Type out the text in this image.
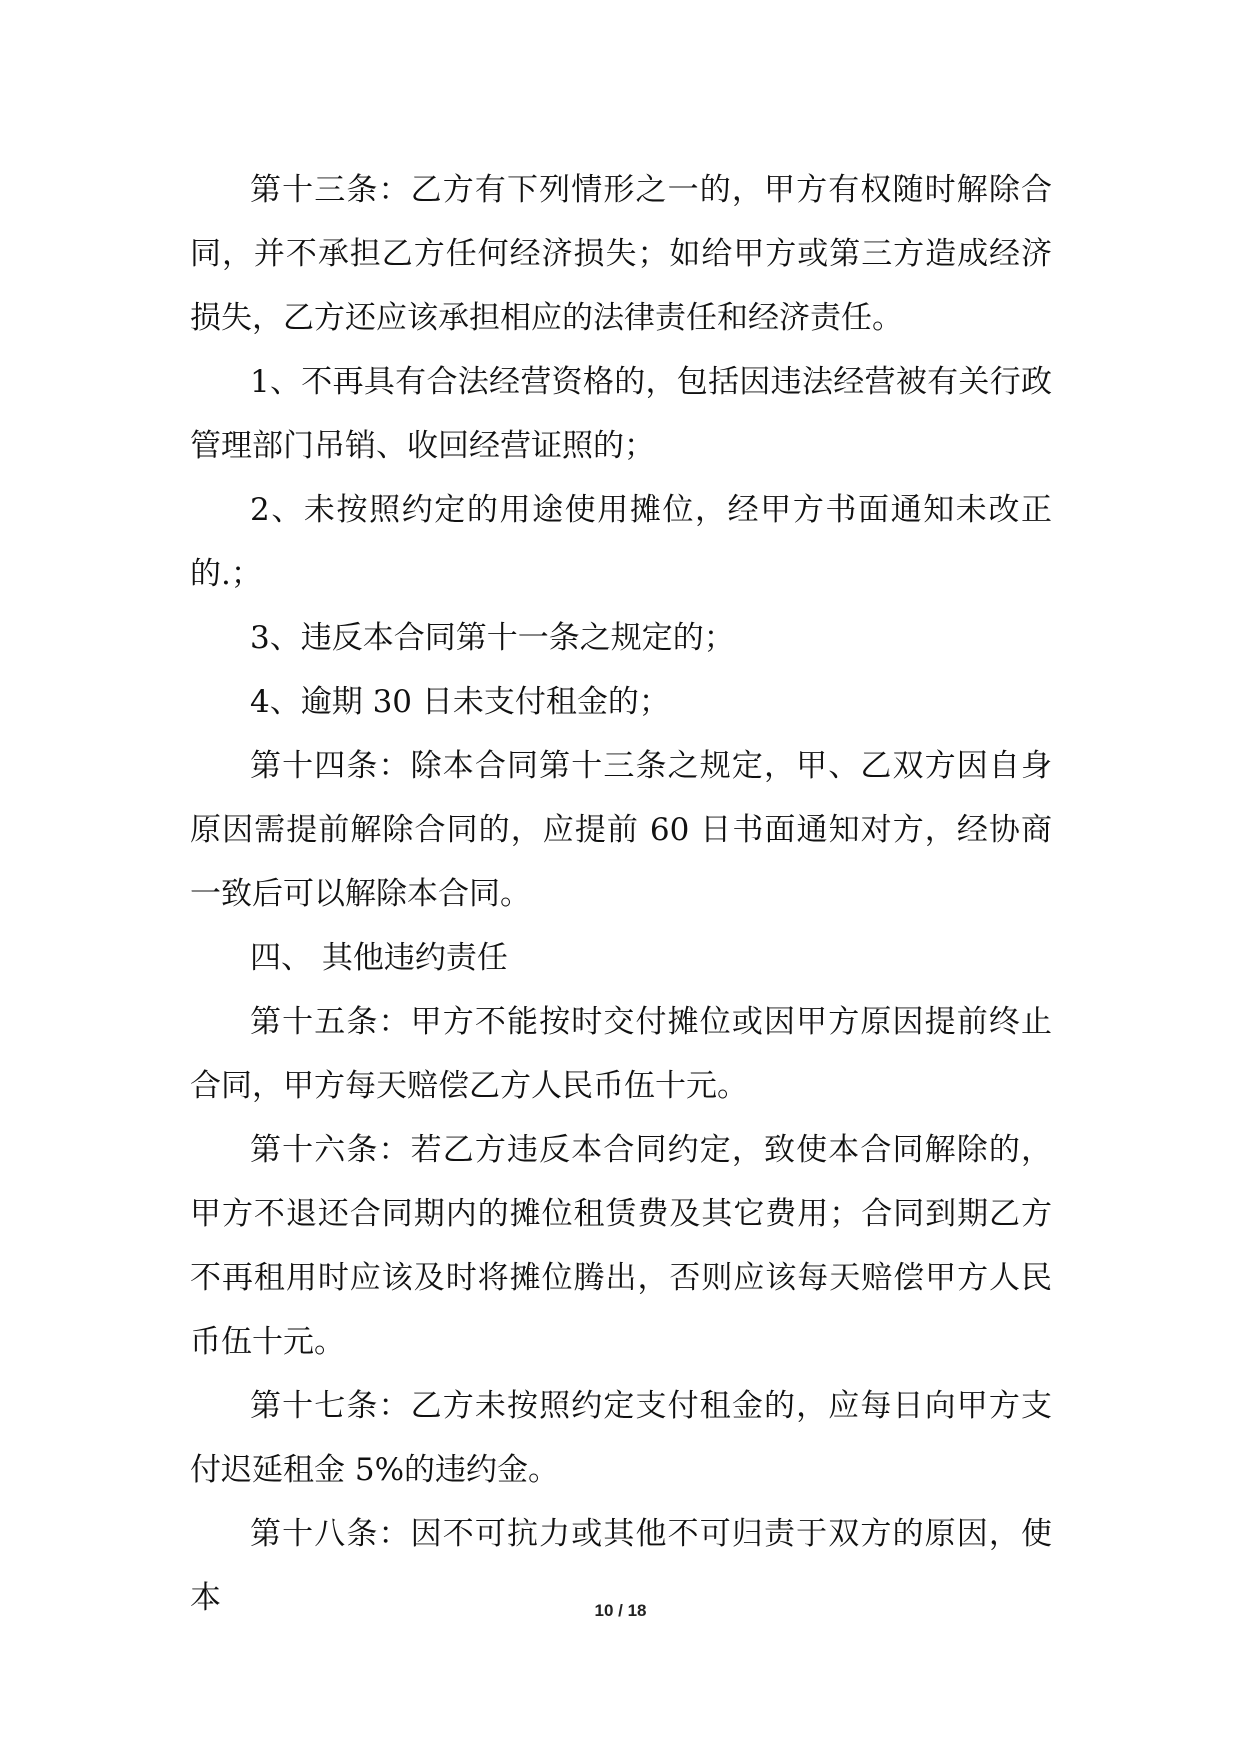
第十三条：乙方有下列情形之一的，甲方有权随时解除合同，并不承担乙方任何经济损失；如给甲方或第三方造成经济损失，乙方还应该承担相应的法律责任和经济责任。

1、不再具有合法经营资格的，包括因违法经营被有关行政管理部门吊销、收回经营证照的；

2、未按照约定的用途使用摊位，经甲方书面通知未改正的.；

3、违反本合同第十一条之规定的；

4、逾期 30 日未支付租金的；

第十四条：除本合同第十三条之规定，甲、乙双方因自身原因需提前解除合同的，应提前 60 日书面通知对方，经协商一致后可以解除本合同。

四、 其他违约责任

第十五条：甲方不能按时交付摊位或因甲方原因提前终止合同，甲方每天赔偿乙方人民币伍十元。

第十六条：若乙方违反本合同约定，致使本合同解除的，甲方不退还合同期内的摊位租赁费及其它费用；合同到期乙方不再租用时应该及时将摊位腾出，否则应该每天赔偿甲方人民币伍十元。

第十七条：乙方未按照约定支付租金的，应每日向甲方支付迟延租金 5%的违约金。

第十八条：因不可抗力或其他不可归责于双方的原因，使本	10 / 18
